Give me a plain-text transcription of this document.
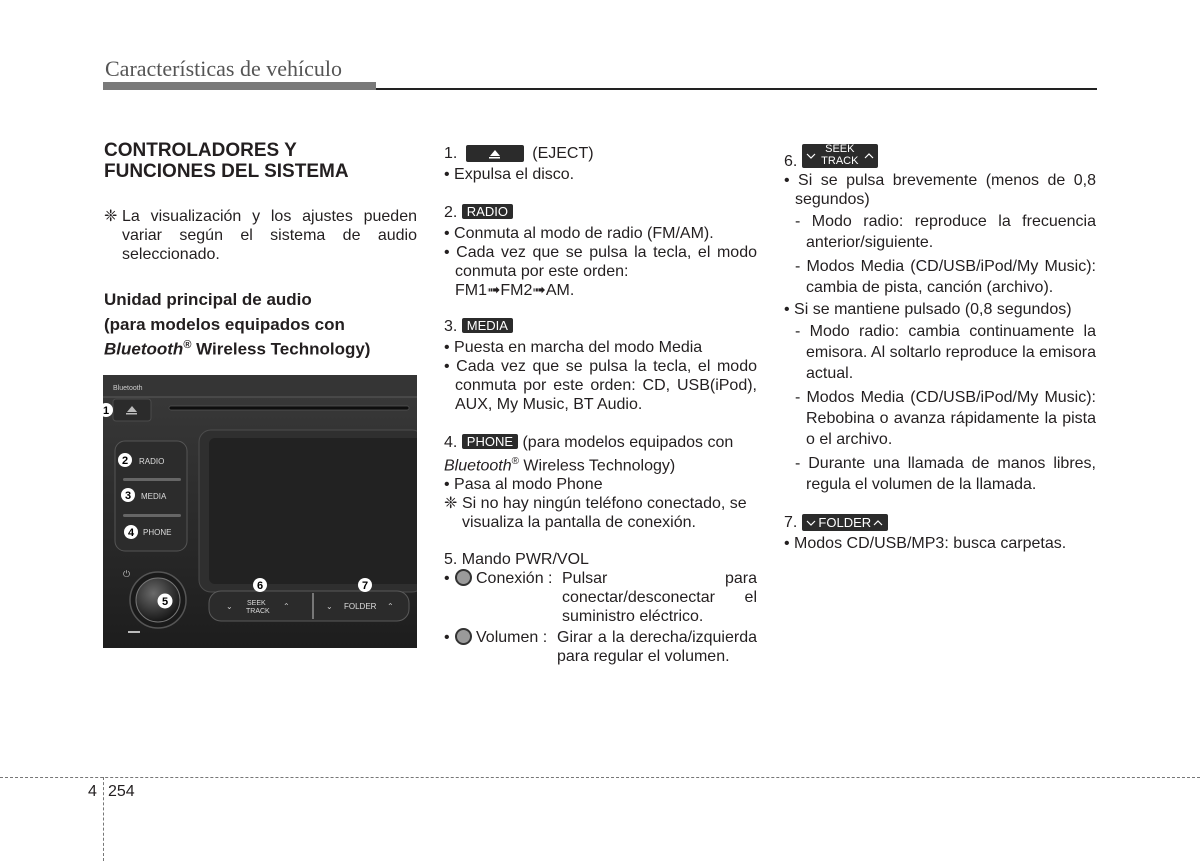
Características de vehículo
CONTROLADORES Y
FUNCIONES DEL SISTEMA
❈ La visualización y los ajustes pueden variar según el sistema de audio seleccionado.
Unidad principal de audio
(para modelos equipados con
Bluetooth® Wireless Technology)
Bluetooth
RADIO
MEDIA
PHONE
⏻
⌄ SEEK
TRACK
⌃	⌄ FOLDER ⌃
1
2
3
4
5
6	7
1.	(EJECT)
• Expulsa el disco.
2. RADIO
• Conmuta al modo de radio (FM/AM).
• Cada vez que se pulsa la tecla, el modo conmuta por este orden:
FM1➟FM2➟AM.
3. MEDIA
• Puesta en marcha del modo Media
• Cada vez que se pulsa la tecla, el modo conmuta por este orden: CD, USB(iPod), AUX, My Music, BT Audio.
4. PHONE (para modelos equipados con
Bluetooth® Wireless Technology)
• Pasa al modo Phone
❈ Si no hay ningún teléfono conectado, se visualiza la pantalla de conexión.
5. Mando PWR/VOL
•	Conexión : Pulsar para conectar/desconectar el suministro eléctrico.
•	Volumen : Girar a la derecha/izquierda para regular el volumen.
6.
SEEK
TRACK
• Si se pulsa brevemente (menos de 0,8 segundos)
- Modo radio: reproduce la frecuencia anterior/siguiente.
- Modos Media (CD/USB/iPod/My Music): cambia de pista, canción (archivo).
• Si se mantiene pulsado (0,8 segundos)
- Modo radio: cambia continuamente la emisora. Al soltarlo reproduce la emisora actual.
- Modos Media (CD/USB/iPod/My Music): Rebobina o avanza rápidamente la pista o el archivo.
- Durante una llamada de manos libres, regula el volumen de la llamada.
7. FOLDER
• Modos CD/USB/MP3: busca carpetas.
4 254
